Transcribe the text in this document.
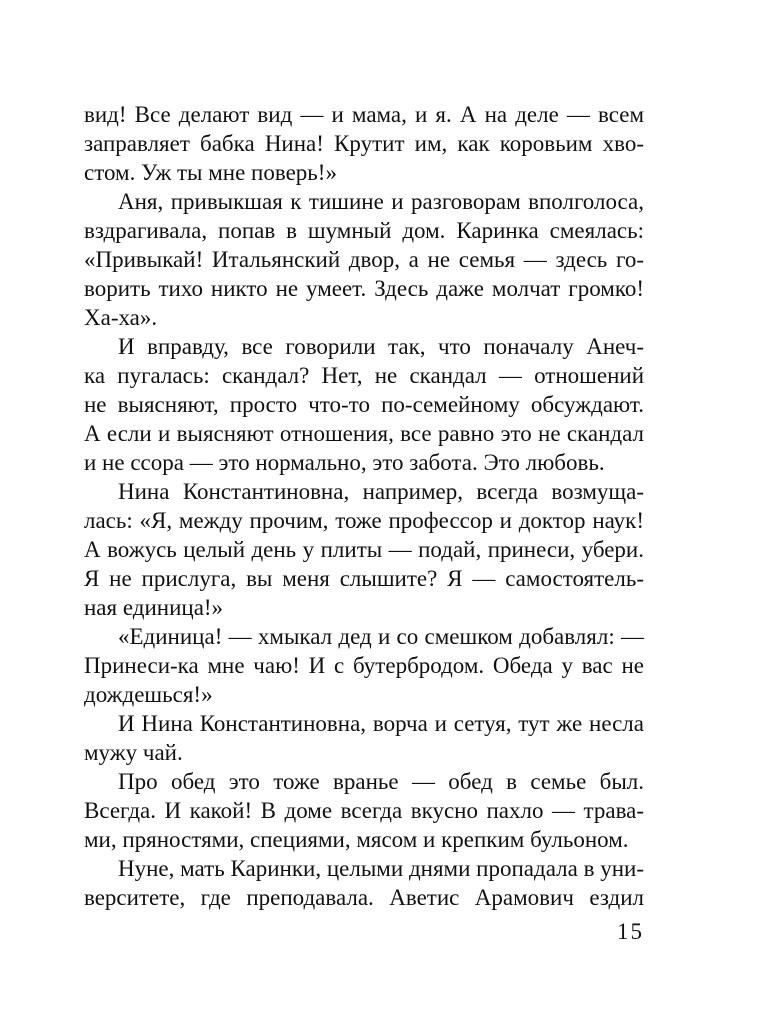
вид! Все делают вид — и мама, и я. А на деле — всем
заправляет бабка Нина! Крутит им, как коровьим хво-
стом. Уж ты мне поверь!»
Аня, привыкшая к тишине и разговорам вполголоса,
вздрагивала, попав в шумный дом. Каринка смеялась:
«Привыкай! Итальянский двор, а не семья — здесь го-
ворить тихо никто не умеет. Здесь даже молчат громко!
Ха-ха».
И вправду, все говорили так, что поначалу Анеч-
ка пугалась: скандал? Нет, не скандал — отношений
не выясняют, просто что-то по-семейному обсуждают.
А если и выясняют отношения, все равно это не скандал
и не ссора — это нормально, это забота. Это любовь.
Нина Константиновна, например, всегда возмуща-
лась: «Я, между прочим, тоже профессор и доктор наук!
А вожусь целый день у плиты — подай, принеси, убери.
Я не прислуга, вы меня слышите? Я — самостоятель-
ная единица!»
«Единица! — хмыкал дед и со смешком добавлял: —
Принеси-ка мне чаю! И с бутербродом. Обеда у вас не
дождешься!»
И Нина Константиновна, ворча и сетуя, тут же несла
мужу чай.
Про обед это тоже вранье — обед в семье был.
Всегда. И какой! В доме всегда вкусно пахло — трава-
ми, пряностями, специями, мясом и крепким бульоном.
Нуне, мать Каринки, целыми днями пропадала в уни-
верситете, где преподавала. Аветис Арамович ездил
15
